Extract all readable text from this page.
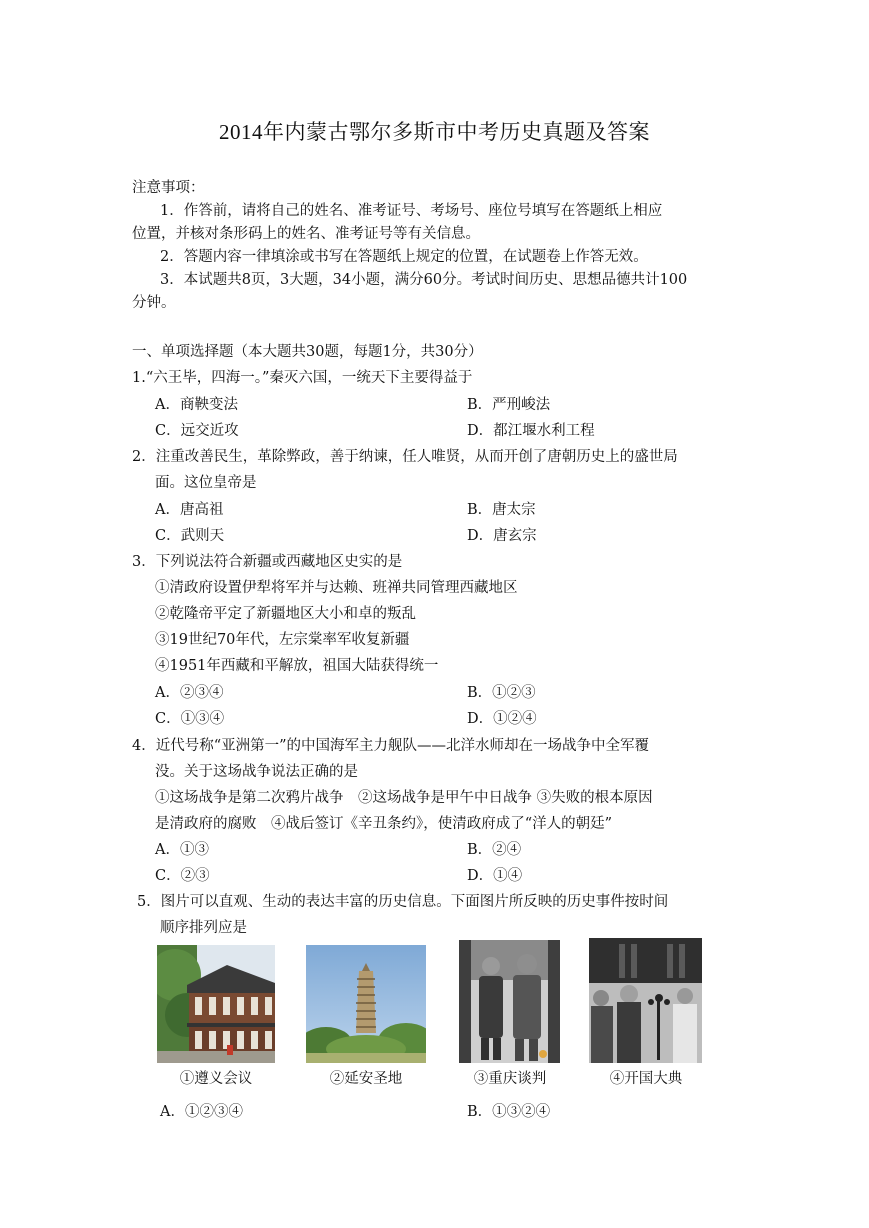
2014年内蒙古鄂尔多斯市中考历史真题及答案
注意事项：
1．作答前，请将自己的姓名、准考证号、考场号、座位号填写在答题纸上相应
位置，并核对条形码上的姓名、准考证号等有关信息。
2．答题内容一律填涂或书写在答题纸上规定的位置，在试题卷上作答无效。
3．本试题共8页，3大题，34小题，满分60分。考试时间历史、思想品德共计100
分钟。
一、单项选择题（本大题共30题，每题1分，共30分）
1.“六王毕，四海一。”秦灭六国，一统天下主要得益于
A．商鞅变法	B．严刑峻法
C．远交近攻	D．都江堰水利工程
2．注重改善民生，革除弊政，善于纳谏，任人唯贤，从而开创了唐朝历史上的盛世局
面。这位皇帝是
A．唐高祖	B．唐太宗
C．武则天	D．唐玄宗
3．下列说法符合新疆或西藏地区史实的是
①清政府设置伊犁将军并与达赖、班禅共同管理西藏地区
②乾隆帝平定了新疆地区大小和卓的叛乱
③19世纪70年代，左宗棠率军收复新疆
④1951年西藏和平解放，祖国大陆获得统一
A．②③④	B．①②③
C．①③④	D．①②④
4．近代号称“亚洲第一”的中国海军主力舰队——北洋水师却在一场战争中全军覆
没。关于这场战争说法正确的是
①这场战争是第二次鸦片战争　②这场战争是甲午中日战争 ③失败的根本原因
是清政府的腐败　④战后签订《辛丑条约》，使清政府成了“洋人的朝廷”
A．①③	B．②④
C．②③	D．①④
5．图片可以直观、生动的表达丰富的历史信息。下面图片所反映的历史事件按时间
顺序排列应是
①遵义会议	②延安圣地	③重庆谈判	④开国大典
A．①②③④	B．①③②④
